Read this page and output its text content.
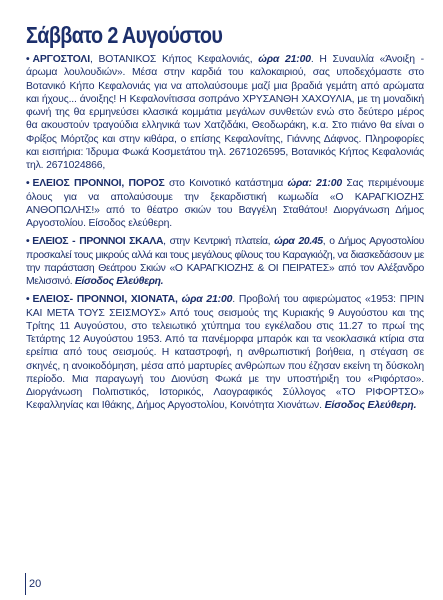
Σάββατο 2 Αυγούστου

• ΑΡΓΟΣΤΟΛΙ, ΒΟΤΑΝΙΚΟΣ Κήπος Κεφαλονιάς, ώρα 21:00. Η Συναυλία «Άνοιξη - άρωμα λουλουδιών». Μέσα στην καρδιά του καλοκαιριού, σας υποδεχόμαστε στο Βοτανικό Κήπο Κεφαλονιάς για να απολαύσουμε μαζί μια βραδιά γεμάτη από αρώματα και ήχους... άνοιξης! Η Κεφαλονίτισσα σοπράνο ΧΡΥΣΑΝΘΗ ΧΑΧΟΥΛΙΑ, με τη μοναδική φωνή της θα ερμηνεύσει κλασικά κομμάτια μεγάλων συνθετών ενώ στο δεύτερο μέρος θα ακουστούν τραγούδια ελληνικά των Χατζιδάκι, Θεοδωράκη, κ.α. Στο πιάνο θα είναι ο Φρίξος Μόρτζος και στην κιθάρα, ο επίσης Κεφαλονίτης, Γιάννης Δάφνος. Πληροφορίες και εισιτήρια: Ίδρυμα Φωκά Κοσμετάτου τηλ. 2671026595, Βοτανικός Κήπος Κεφαλονιάς τηλ. 2671024866,

• ΕΛΕΙΟΣ ΠΡΟΝΝΟΙ, ΠΟΡΟΣ στο Κοινοτικό κατάστημα ώρα: 21:00 Σας περιμένουμε όλους για να απολαύσουμε την ξεκαρδιστική κωμωδία «Ο ΚΑΡΑΓΚΙΟΖΗΣ ΑΝΘΟΠΩΛΗΣ!» από το θέατρο σκιών του Βαγγέλη Σταθάτου! Διοργάνωση Δήμος Αργοστολίου. Είσοδος ελεύθερη.

• ΕΛΕΙΟΣ - ΠΡΟΝΝΟΙ ΣΚΑΛΑ, στην Κεντρική πλατεία, ώρα 20.45, ο Δήμος Αργοστολίου προσκαλεί τους μικρούς αλλά και τους μεγάλους φίλους του Καραγκιόζη, να διασκεδάσουν με την παράσταση Θεάτρου Σκιών «Ο ΚΑΡΑΓΚΙΟΖΗΣ & ΟΙ ΠΕΙΡΑΤΕΣ» από τον Αλέξανδρο Μελισσινό. Είσοδος Ελεύθερη.

• ΕΛΕΙΟΣ- ΠΡΟΝΝΟΙ, ΧΙΟΝΑΤΑ, ώρα 21:00. Προβολή του αφιερώματος «1953: ΠΡΙΝ ΚΑΙ ΜΕΤΑ ΤΟΥΣ ΣΕΙΣΜΟΥΣ» Από τους σεισμούς της Κυριακής 9 Αυγούστου και της Τρίτης 11 Αυγούστου, στο τελειωτικό χτύπημα του εγκέλαδου στις 11.27 το πρωί της Τετάρτης 12 Αυγούστου 1953. Από τα πανέμορφα μπαρόκ και τα νεοκλασικά κτίρια στα ερείπια από τους σεισμούς. Η καταστροφή, η ανθρωπιστική βοήθεια, η στέγαση σε σκηνές, η ανοικοδόμηση, μέσα από μαρτυρίες ανθρώπων που έζησαν εκείνη τη δύσκολη περίοδο. Μια παραγωγή του Διονύση Φωκά με την υποστήριξη του «Ριφόρτσο». Διοργάνωση Πολιτιστικός, Ιστορικός, Λαογραφικός Σύλλογος «ΤΟ ΡΙΦΟΡΤΣΟ» Κεφαλληνίας και Ιθάκης, Δήμος Αργοστολίου, Κοινότητα Χιονάτων. Είσοδος Ελεύθερη.

20
